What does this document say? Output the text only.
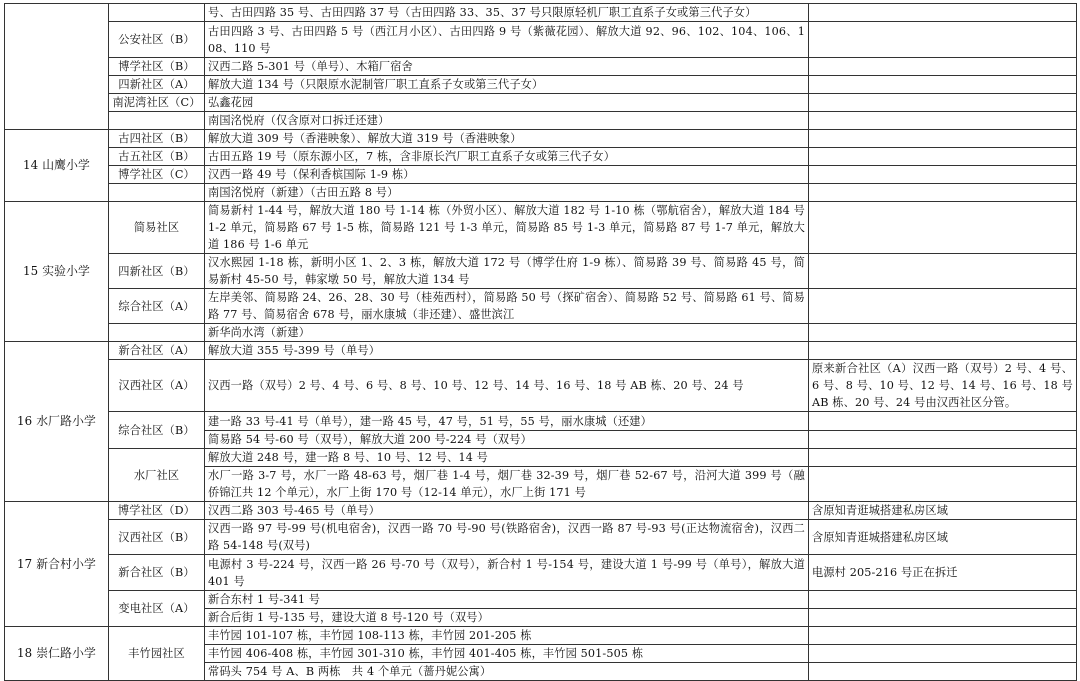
		号、古田四路 35 号、古田四路 37 号（古田四路 33、35、37 号只限原轻机厂职工直系子女或第三代子女）	
	公安社区（B）	古田四路 3 号、古田四路 5 号（西江月小区）、古田四路 9 号（紫薇花园）、解放大道 92、96、102、104、106、108、110 号	
	博学社区（B）	汉西二路 5-301 号（单号）、木箱厂宿舍	
	四新社区（A）	解放大道 134 号（只限原水泥制管厂职工直系子女或第三代子女）	
	南泥湾社区（C）	弘鑫花园	
		南国洺悦府（仅含原对口拆迁还建）	
14 山鹰小学	古四社区（B）	解放大道 309 号（香港映象）、解放大道 319 号（香港映象）	
	古五社区（B）	古田五路 19 号（原东源小区，7 栋，含非原长汽厂职工直系子女或第三代子女）	
	博学社区（C）	汉西一路 49 号（保利香槟国际 1-9 栋）	
		南国洺悦府（新建）（古田五路 8 号）	
15 实验小学	简易社区	简易新村 1-44 号，解放大道 180 号 1-14 栋（外贸小区）、解放大道 182 号 1-10 栋（鄂航宿舍），解放大道 184 号 1-2 单元，简易路 67 号 1-5 栋，简易路 121 号 1-3 单元，简易路 85 号 1-3 单元，简易路 87 号 1-7 单元，解放大道 186 号 1-6 单元	
	四新社区（B）	汉水熙园 1-18 栋，新明小区 1、2、3 栋，解放大道 172 号（博学仕府 1-9 栋）、简易路 39 号、简易路 45 号，简易新村 45-50 号，韩家墩 50 号，解放大道 134 号	
	综合社区（A）	左岸美邻、简易路 24、26、28、30 号（桂苑西村），简易路 50 号（探矿宿舍）、简易路 52 号、简易路 61 号、简易路 77 号、简易宿舍 678 号，丽水康城（非还建）、盛世滨江	
		新华尚水湾（新建）	
16 水厂路小学	新合社区（A）	解放大道 355 号-399 号（单号）	
	汉西社区（A）	汉西一路（双号）2 号、4 号、6 号、8 号、10 号、12 号、14 号、16 号、18 号 AB 栋、20 号、24 号	原来新合社区（A）汉西一路（双号）2 号、4 号、6 号、8 号、10 号、12 号、14 号、16 号、18 号 AB 栋、20 号、24 号由汉西社区分管。
	综合社区（B）	建一路 33 号-41 号（单号），建一路 45 号，47 号，51 号，55 号，丽水康城（还建）	
		简易路 54 号-60 号（双号），解放大道 200 号-224 号（双号）	
	水厂社区	解放大道 248 号，建一路 8 号、10 号、12 号、14 号	
		水厂一路 3-7 号，水厂一路 48-63 号，烟厂巷 1-4 号，烟厂巷 32-39 号，烟厂巷 52-67 号，沿河大道 399 号（融侨锦江共 12 个单元），水厂上街 170 号（12-14 单元），水厂上街 171 号	
17 新合村小学	博学社区（D）	汉西二路 303 号-465 号（单号）	含原知青逛城搭建私房区域
	汉西社区（B）	汉西一路 97 号-99 号(机电宿舍)，汉西一路 70 号-90 号(铁路宿舍)，汉西一路 87 号-93 号(正达物流宿舍)，汉西二路 54-148 号(双号)	含原知青逛城搭建私房区域
	新合社区（B）	电源村 3 号-224 号，汉西一路 26 号-70 号（双号），新合村 1 号-154 号，建设大道 1 号-99 号（单号），解放大道 401 号	电源村 205-216 号正在拆迁
	变电社区（A）	新合东村 1 号-341 号	
		新合后街 1 号-135 号，建设大道 8 号-120 号（双号）	
18 崇仁路小学	丰竹园社区	丰竹园 101-107 栋，丰竹园 108-113 栋，丰竹园 201-205 栋	
		丰竹园 406-408 栋，丰竹园 301-310 栋，丰竹园 401-405 栋，丰竹园 501-505 栋	
		常码头 754 号 A、B 两栋　共 4 个单元（蔷丹妮公寓）	
